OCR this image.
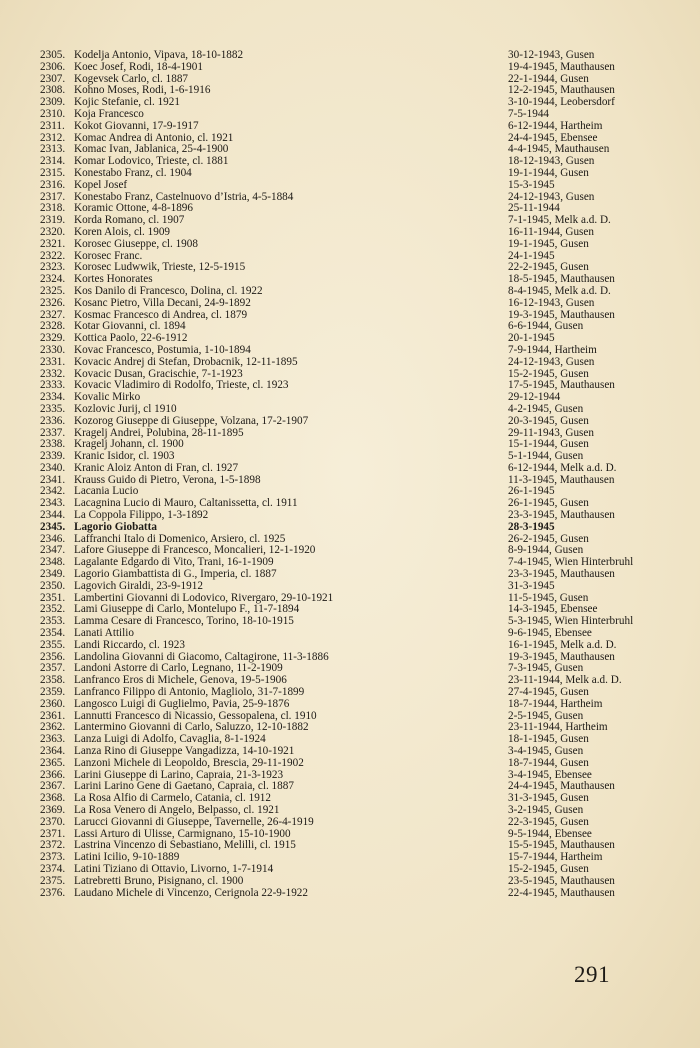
2305. Kodelja Antonio, Vipava, 18-10-1882	30-12-1943, Gusen
2306. Koec Josef, Rodi, 18-4-1901	19-4-1945, Mauthausen
2307. Kogevsek Carlo, cl. 1887	22-1-1944, Gusen
2308. Kohno Moses, Rodi, 1-6-1916	12-2-1945, Mauthausen
2309. Kojic Stefanie, cl. 1921	3-10-1944, Leobersdorf
2310. Koja Francesco	7-5-1944
2311. Kokot Giovanni, 17-9-1917	6-12-1944, Hartheim
2312. Komac Andrea di Antonio, cl. 1921	24-4-1945, Ebensee
2313. Komac Ivan, Jablanica, 25-4-1900	4-4-1945, Mauthausen
2314. Komar Lodovico, Trieste, cl. 1881	18-12-1943, Gusen
2315. Konestabo Franz, cl. 1904	19-1-1944, Gusen
2316. Kopel Josef	15-3-1945
2317. Konestabo Franz, Castelnuovo d’Istria, 4-5-1884	24-12-1943, Gusen
2318. Koramic Ottone, 4-8-1896	25-11-1944
2319. Korda Romano, cl. 1907	7-1-1945, Melk a.d. D.
2320. Koren Alois, cl. 1909	16-11-1944, Gusen
2321. Korosec Giuseppe, cl. 1908	19-1-1945, Gusen
2322. Korosec Franc.	24-1-1945
2323. Korosec Ludwwik, Trieste, 12-5-1915	22-2-1945, Gusen
2324. Kortes Honorates	18-5-1945, Mauthausen
2325. Kos Danilo di Francesco, Dolina, cl. 1922	8-4-1945, Melk a.d. D.
2326. Kosanc Pietro, Villa Decani, 24-9-1892	16-12-1943, Gusen
2327. Kosmac Francesco di Andrea, cl. 1879	19-3-1945, Mauthausen
2328. Kotar Giovanni, cl. 1894	6-6-1944, Gusen
2329. Kottica Paolo, 22-6-1912	20-1-1945
2330. Kovac Francesco, Postumia, 1-10-1894	7-9-1944, Hartheim
2331. Kovacic Andrej di Stefan, Drobacnik, 12-11-1895	24-12-1943, Gusen
2332. Kovacic Dusan, Gracischie, 7-1-1923	15-2-1945, Gusen
2333. Kovacic Vladimiro di Rodolfo, Trieste, cl. 1923	17-5-1945, Mauthausen
2334. Kovalic Mirko	29-12-1944
2335. Kozlovic Jurij, cl 1910	4-2-1945, Gusen
2336. Kozorog Giuseppe di Giuseppe, Volzana, 17-2-1907	20-3-1945, Gusen
2337. Kragelj Andrei, Polubina, 28-11-1895	29-11-1943, Gusen
2338. Kragelj Johann, cl. 1900	15-1-1944, Gusen
2339. Kranic Isidor, cl. 1903	5-1-1944, Gusen
2340. Kranic Aloiz Anton di Fran, cl. 1927	6-12-1944, Melk a.d. D.
2341. Krauss Guido di Pietro, Verona, 1-5-1898	11-3-1945, Mauthausen
2342. Lacania Lucio	26-1-1945
2343. Lacagnina Lucio di Mauro, Caltanissetta, cl. 1911	26-1-1945, Gusen
2344. La Coppola Filippo, 1-3-1892	23-3-1945, Mauthausen
2345. Lagorio Giobatta	28-3-1945
2346. Laffranchi Italo di Domenico, Arsiero, cl. 1925	26-2-1945, Gusen
2347. Lafore Giuseppe di Francesco, Moncalieri, 12-1-1920	8-9-1944, Gusen
2348. Lagalante Edgardo di Vito, Trani, 16-1-1909	7-4-1945, Wien Hinterbruhl
2349. Lagorio Giambattista di G., Imperia, cl. 1887	23-3-1945, Mauthausen
2350. Lagovich Giraldi, 23-9-1912	31-3-1945
2351. Lambertini Giovanni di Lodovico, Rivergaro, 29-10-1921	11-5-1945, Gusen
2352. Lami Giuseppe di Carlo, Montelupo F., 11-7-1894	14-3-1945, Ebensee
2353. Lamma Cesare di Francesco, Torino, 18-10-1915	5-3-1945, Wien Hinterbruhl
2354. Lanati Attilio	9-6-1945, Ebensee
2355. Landi Riccardo, cl. 1923	16-1-1945, Melk a.d. D.
2356. Landolina Giovanni di Giacomo, Caltagirone, 11-3-1886	19-3-1945, Mauthausen
2357. Landoni Astorre di Carlo, Legnano, 11-2-1909	7-3-1945, Gusen
2358. Lanfranco Eros di Michele, Genova, 19-5-1906	23-11-1944, Melk a.d. D.
2359. Lanfranco Filippo di Antonio, Magliolo, 31-7-1899	27-4-1945, Gusen
2360. Langosco Luigi di Guglielmo, Pavia, 25-9-1876	18-7-1944, Hartheim
2361. Lannutti Francesco di Nicassio, Gessopalena, cl. 1910	2-5-1945, Gusen
2362. Lantermino Giovanni di Carlo, Saluzzo, 12-10-1882	23-11-1944, Hartheim
2363. Lanza Luigi di Adolfo, Cavaglia, 8-1-1924	18-1-1945, Gusen
2364. Lanza Rino di Giuseppe Vangadizza, 14-10-1921	3-4-1945, Gusen
2365. Lanzoni Michele di Leopoldo, Brescia, 29-11-1902	18-7-1944, Gusen
2366. Larini Giuseppe di Larino, Capraia, 21-3-1923	3-4-1945, Ebensee
2367. Larini Larino Gene di Gaetano, Capraia, cl. 1887	24-4-1945, Mauthausen
2368. La Rosa Alfio di Carmelo, Catania, cl. 1912	31-3-1945, Gusen
2369. La Rosa Venero di Angelo, Belpasso, cl. 1921	3-2-1945, Gusen
2370. Larucci Giovanni di Giuseppe, Tavernelle, 26-4-1919	22-3-1945, Gusen
2371. Lassi Arturo di Ulisse, Carmignano, 15-10-1900	9-5-1944, Ebensee
2372. Lastrina Vincenzo di Sebastiano, Melilli, cl. 1915	15-5-1945, Mauthausen
2373. Latini Icilio, 9-10-1889	15-7-1944, Hartheim
2374. Latini Tiziano di Ottavio, Livorno, 1-7-1914	15-2-1945, Gusen
2375. Latrebretti Bruno, Pisignano, cl. 1900	23-5-1945, Mauthausen
2376. Laudano Michele di Vincenzo, Cerignola 22-9-1922	22-4-1945, Mauthausen
291
